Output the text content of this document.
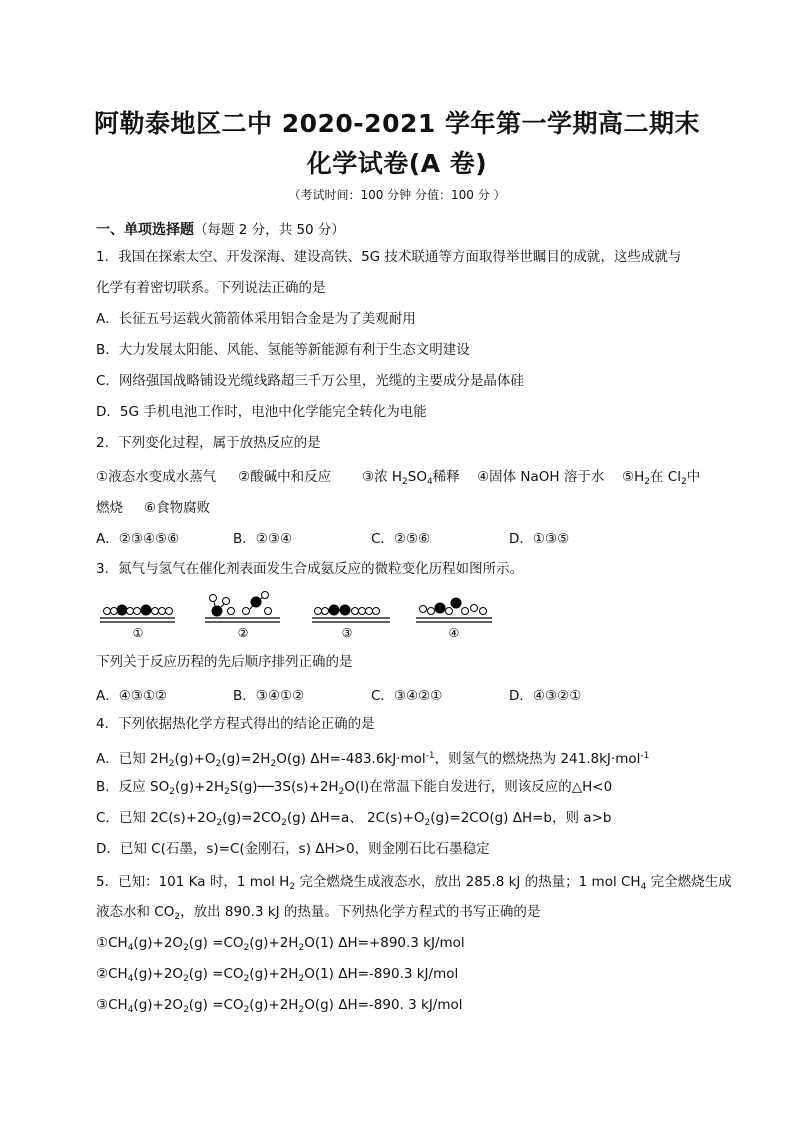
阿勒泰地区二中 2020-2021 学年第一学期高二期末
化学试卷(A 卷)
（考试时间：100 分钟 分值：100 分 ）
一、单项选择题（每题 2 分，共 50 分）
1．我国在探索太空、开发深海、建设高铁、5G 技术联通等方面取得举世瞩目的成就，这些成就与
化学有着密切联系。下列说法正确的是
A．长征五号运载火箭箭体采用铝合金是为了美观耐用
B．大力发展太阳能、风能、氢能等新能源有利于生态文明建设
C．网络强国战略铺设光缆线路超三千万公里，光缆的主要成分是晶体硅
D．5G 手机电池工作时，电池中化学能完全转化为电能
2．下列变化过程，属于放热反应的是
①液态水变成水蒸气 ②酸碱中和反应 ③浓 $H_2SO_4$稀释 ④固体 NaOH 溶于水 $⑤H_2$在 $Cl_2$中
燃烧 ⑥食物腐败
A．②③④⑤⑥	B．②③④	C．②⑤⑥	D．①③⑤
3．氮气与氢气在催化剂表面发生合成氨反应的微粒变化历程如图所示。
①	②	③	④
下列关于反应历程的先后顺序排列正确的是
A．④③①②	B．③④①②	C．③④②①	D．④③②①
4．下列依据热化学方程式得出的结论正确的是
A．已知 $2H_2(g)+O_2(g)=2H_2O(g)$ ΔH=-483.6kJ·mol$^{-1}$，则氢气的燃烧热为 241.8kJ·mol$^{-1}$
B．反应 $SO_2(g)+2H_2S(g)──3S(s)+2H_2O(l)$在常温下能自发进行，则该反应的△H<0
C．已知 $2C(s)+2O_2(g)=2CO_2(g)$ ΔH=a、 $2C(s)+O_2(g)=2CO(g)$ ΔH=b，则 a>b
D．已知 C(石墨，s)=C(金刚石，s) ΔH>0，则金刚石比石墨稳定
5．已知：101 Ka 时，1 mol $H_2$ 完全燃烧生成液态水，放出 285.8 kJ 的热量；1 mol $CH_4$ 完全燃烧生成
液态水和 $CO_2$，放出 890.3 kJ 的热量。下列热化学方程式的书写正确的是
$①CH_4(g)+2O_2(g) =CO_2(g)+2H_2O(1)$ ΔH=+890.3 kJ/mol
$②CH_4(g)+2O_2(g) =CO_2(g)+2H_2O(1)$ ΔH=-890.3 kJ/mol
$③CH_4(g)+2O_2(g) =CO_2(g)+2H_2O(g)$ ΔH=-890. 3 kJ/mol
